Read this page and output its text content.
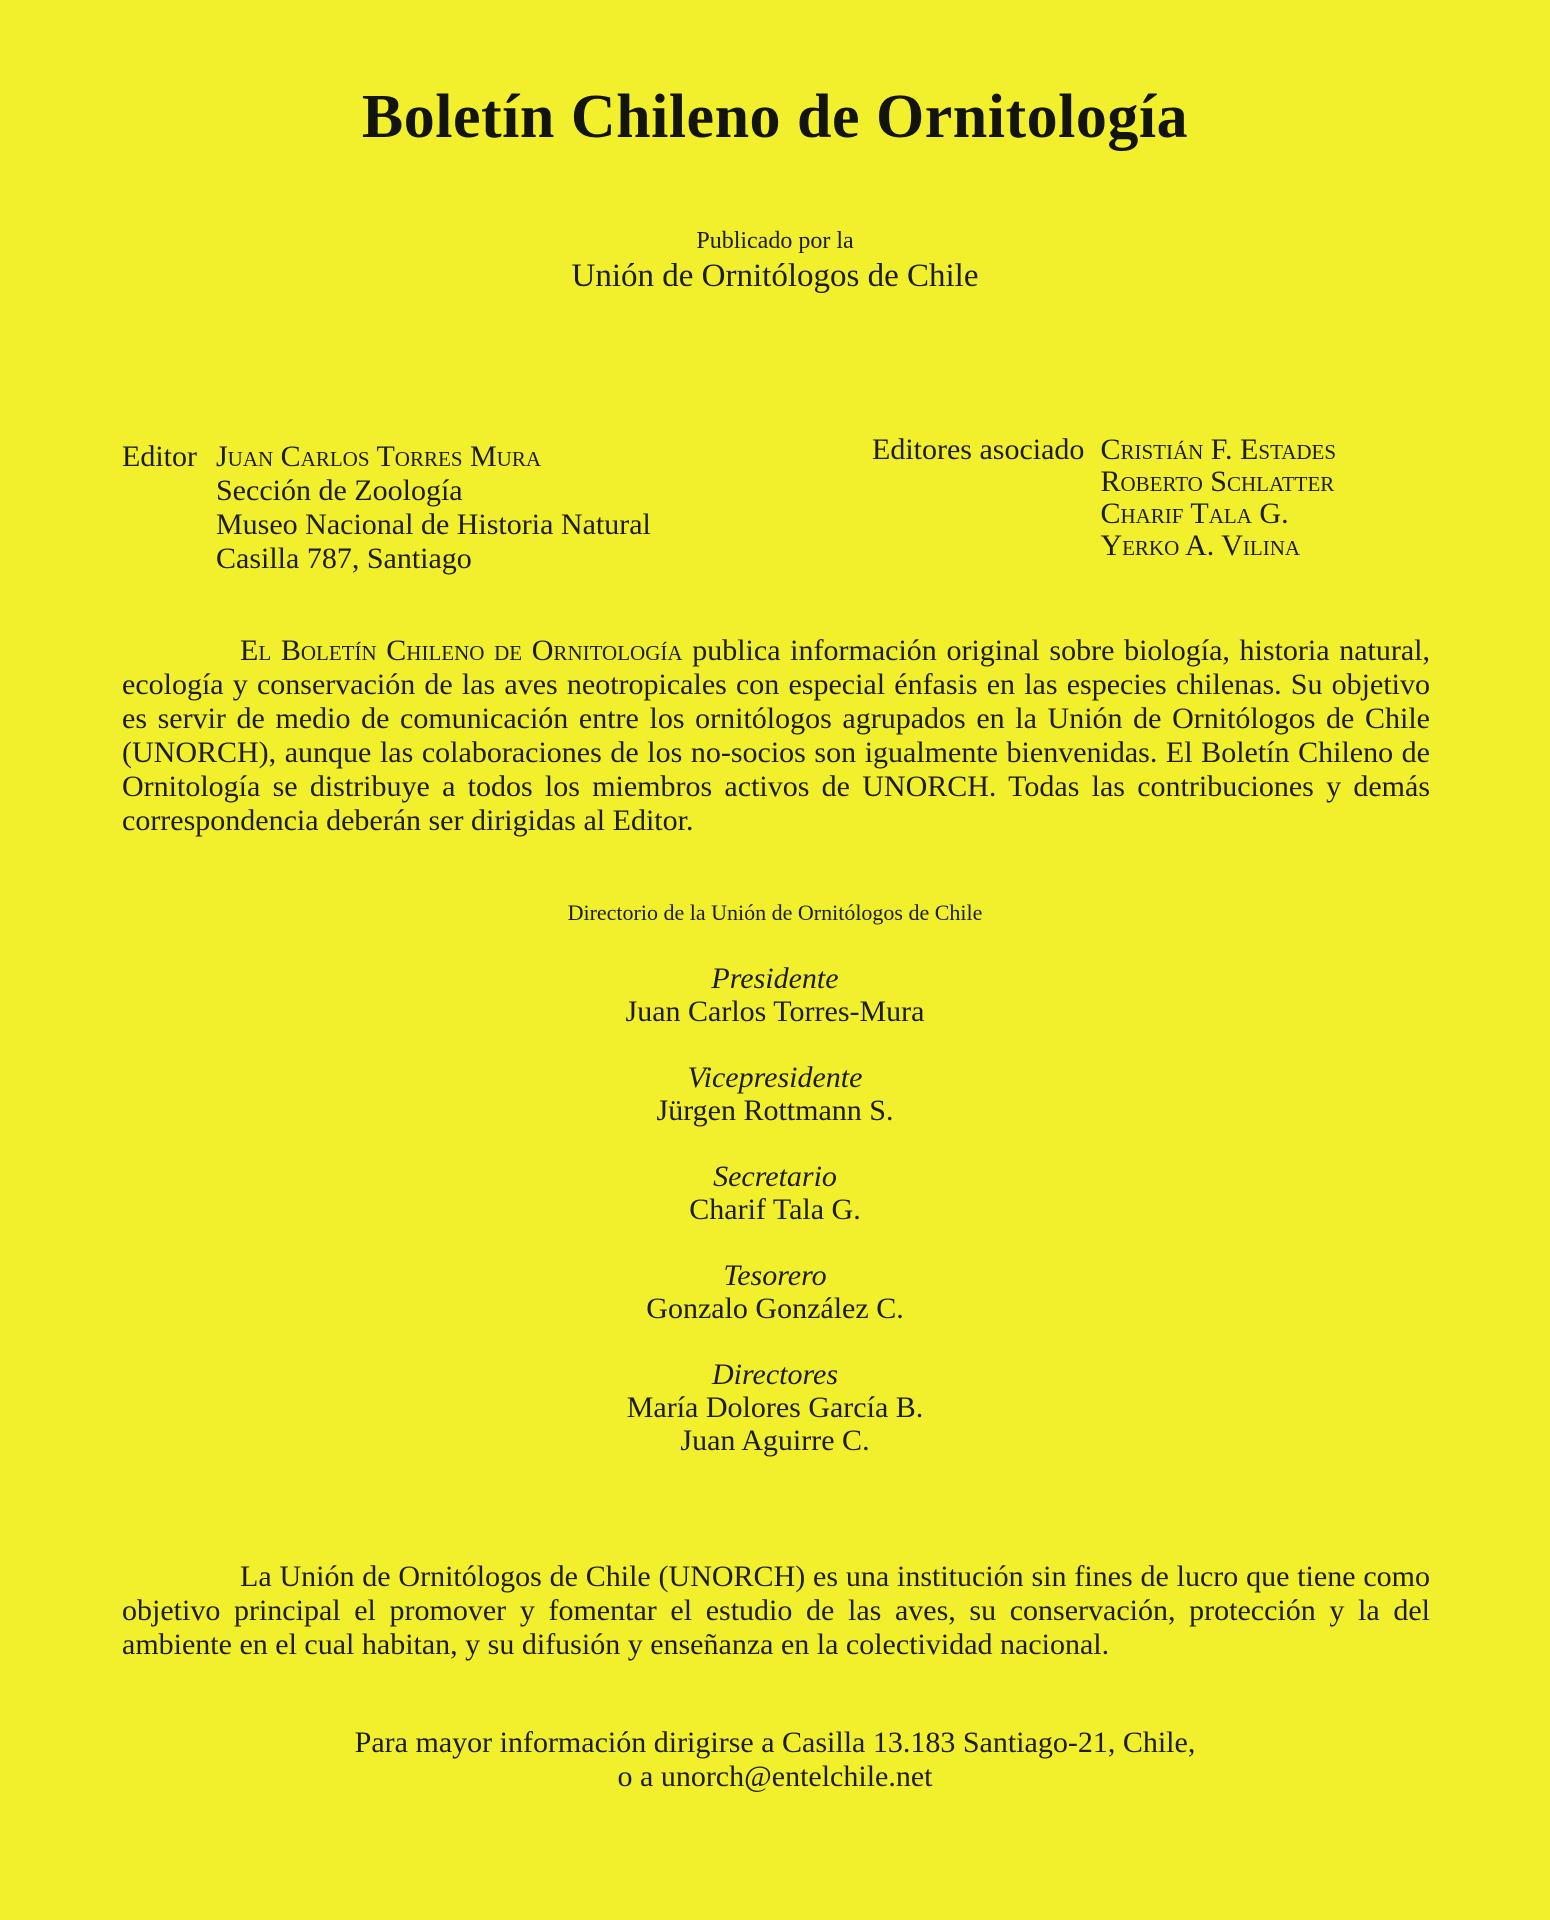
Boletín Chileno de Ornitología
Publicado por la
Unión de Ornitólogos de Chile
Editor Juan Carlos Torres Mura
Sección de Zoología
Museo Nacional de Historia Natural
Casilla 787, Santiago
Editores asociado Cristián F. Estades
Roberto Schlatter
Charif Tala G.
Yerko A. Vilina
El Boletín Chileno de Ornitología publica información original sobre biología, historia natural, ecología y conservación de las aves neotropicales con especial énfasis en las especies chilenas. Su objetivo es servir de medio de comunicación entre los ornitólogos agrupados en la Unión de Ornitólogos de Chile (UNORCH), aunque las colaboraciones de los no-socios son igualmente bienvenidas. El Boletín Chileno de Ornitología se distribuye a todos los miembros activos de UNORCH. Todas las contribuciones y demás correspondencia deberán ser dirigidas al Editor.
Directorio de la Unión de Ornitólogos de Chile
Presidente
Juan Carlos Torres-Mura
Vicepresidente
Jürgen Rottmann S.
Secretario
Charif Tala G.
Tesorero
Gonzalo González C.
Directores
María Dolores García B.
Juan Aguirre C.
La Unión de Ornitólogos de Chile (UNORCH) es una institución sin fines de lucro que tiene como objetivo principal el promover y fomentar el estudio de las aves, su conservación, protección y la del ambiente en el cual habitan, y su difusión y enseñanza en la colectividad nacional.
Para mayor información dirigirse a Casilla 13.183 Santiago-21, Chile,
o a unorch@entelchile.net
